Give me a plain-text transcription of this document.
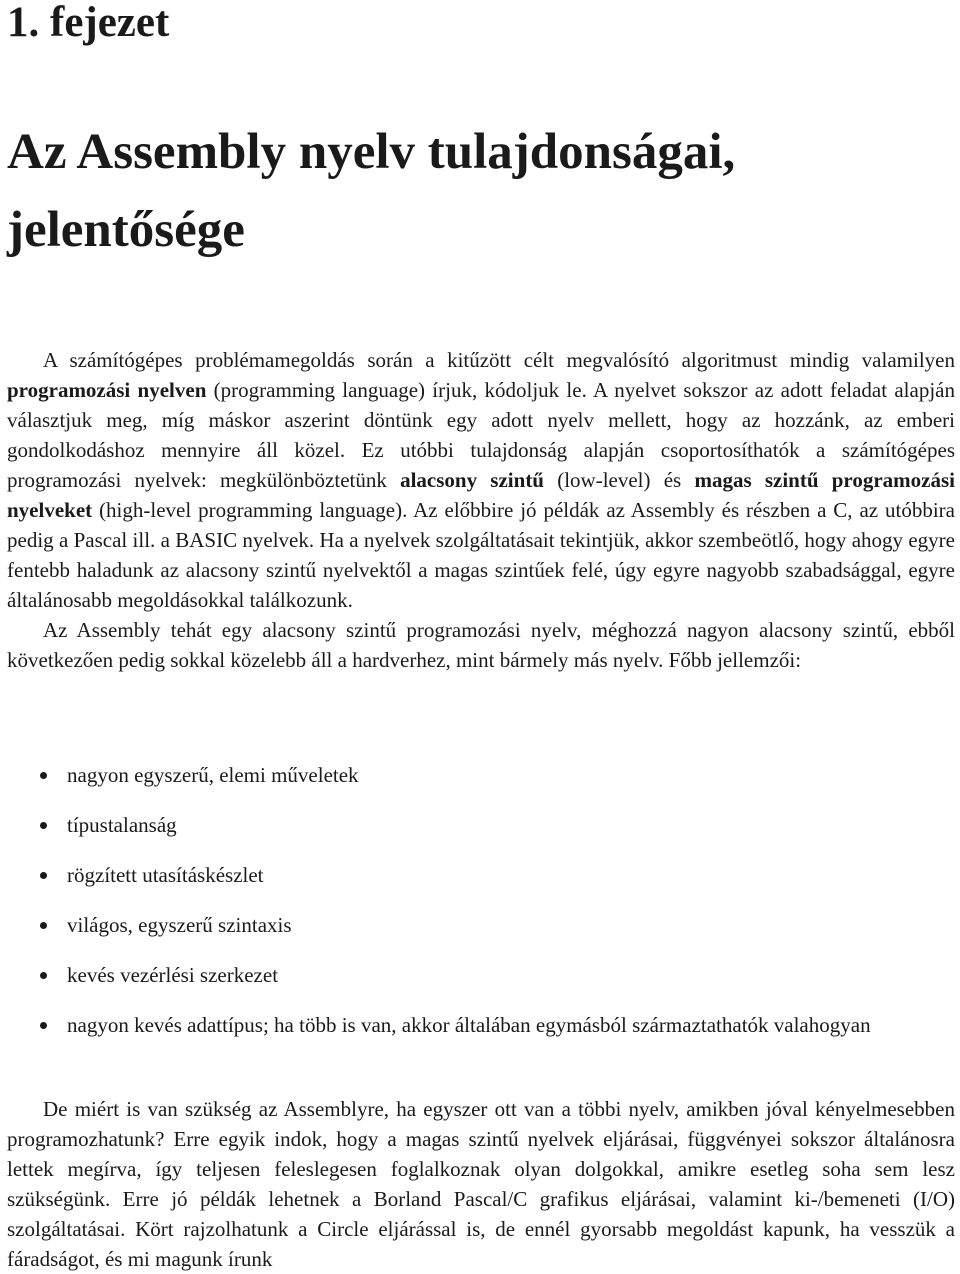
1. fejezet
Az Assembly nyelv tulajdonságai, jelentősége

A számítógépes problémamegoldás során a kitűzött célt megvalósító algoritmust mindig valamilyen programozási nyelven (programming language) írjuk, kódoljuk le. A nyelvet sokszor az adott feladat alapján választjuk meg, míg máskor aszerint döntünk egy adott nyelv mellett, hogy az hozzánk, az emberi gondolkodáshoz mennyire áll közel. Ez utóbbi tulajdonság alapján csoportosíthatók a számítógépes programozási nyelvek: megkülönböztetünk alacsony szintű (low-level) és magas szintű programozási nyelveket (high-level programming language). Az előbbire jó példák az Assembly és részben a C, az utóbbira pedig a Pascal ill. a BASIC nyelvek. Ha a nyelvek szolgáltatásait tekintjük, akkor szembeötlő, hogy ahogy egyre fentebb haladunk az alacsony szintű nyelvektől a magas szintűek felé, úgy egyre nagyobb szabadsággal, egyre általánosabb megoldásokkal találkozunk.

Az Assembly tehát egy alacsony szintű programozási nyelv, méghozzá nagyon alacsony szintű, ebből következően pedig sokkal közelebb áll a hardverhez, mint bármely más nyelv. Főbb jellemzői:

nagyon egyszerű, elemi műveletek
típustalanság
rögzített utasításkészlet
világos, egyszerű szintaxis
kevés vezérlési szerkezet
nagyon kevés adattípus; ha több is van, akkor általában egymásból származtathatók valahogyan

De miért is van szükség az Assemblyre, ha egyszer ott van a többi nyelv, amikben jóval kényelmesebben programozhatunk? Erre egyik indok, hogy a magas szintű nyelvek eljárásai, függvényei sokszor általánosra lettek megírva, így teljesen feleslegesen foglalkoznak olyan dolgokkal, amikre esetleg soha sem lesz szükségünk. Erre jó példák lehetnek a Borland Pascal/C grafikus eljárásai, valamint ki-/bemeneti (I/O) szolgáltatásai. Kört rajzolhatunk a Circle eljárással is, de ennél gyorsabb megoldást kapunk, ha vesszük a fáradságot, és mi magunk írunk
